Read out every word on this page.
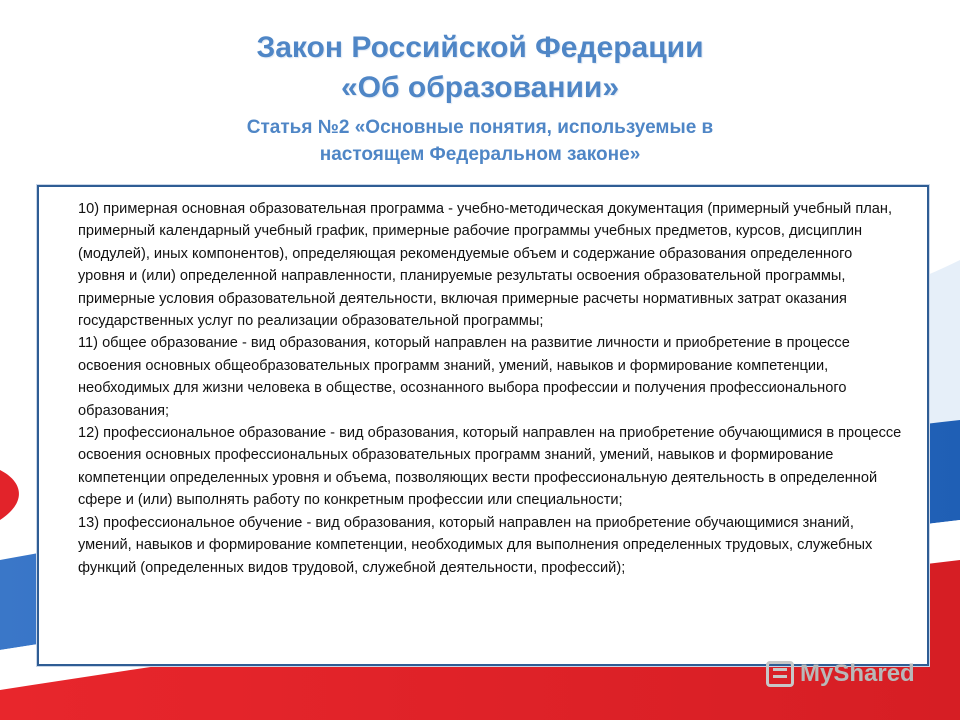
Закон Российской Федерации
«Об образовании»
Статья №2 «Основные понятия, используемые в
настоящем Федеральном законе»

10) примерная основная образовательная программа - учебно-методическая документация (примерный учебный план, примерный календарный учебный график, примерные рабочие программы учебных предметов, курсов, дисциплин (модулей), иных компонентов), определяющая рекомендуемые объем и содержание образования определенного уровня и (или) определенной направленности, планируемые результаты освоения образовательной программы, примерные условия образовательной деятельности, включая примерные расчеты нормативных затрат оказания государственных услуг по реализации образовательной программы;

11) общее образование - вид образования, который направлен на развитие личности и приобретение в процессе освоения основных общеобразовательных программ знаний, умений, навыков и формирование компетенции, необходимых для жизни человека в обществе, осознанного выбора профессии и получения профессионального образования;

12) профессиональное образование - вид образования, который направлен на приобретение обучающимися в процессе освоения основных профессиональных образовательных программ знаний, умений, навыков и формирование компетенции определенных уровня и объема, позволяющих вести профессиональную деятельность в определенной сфере и (или) выполнять работу по конкретным профессии или специальности;

13) профессиональное обучение - вид образования, который направлен на приобретение обучающимися знаний, умений, навыков и формирование компетенции, необходимых для выполнения определенных трудовых, служебных функций (определенных видов трудовой, служебной деятельности, профессий);

MyShared
